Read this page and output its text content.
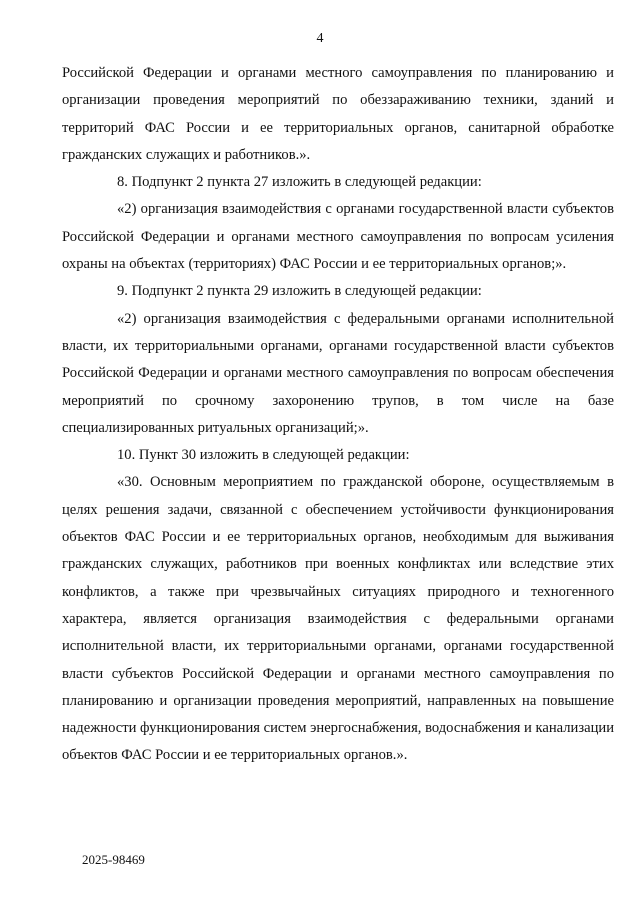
4

Российской Федерации и органами местного самоуправления по планированию и организации проведения мероприятий по обеззараживанию техники, зданий и территорий ФАС России и ее территориальных органов, санитарной обработке гражданских служащих и работников.».

8. Подпункт 2 пункта 27 изложить в следующей редакции:

«2) организация взаимодействия с органами государственной власти субъектов Российской Федерации и органами местного самоуправления по вопросам усиления охраны на объектах (территориях) ФАС России и ее территориальных органов;».

9. Подпункт 2 пункта 29 изложить в следующей редакции:

«2) организация взаимодействия с федеральными органами исполнительной власти, их территориальными органами, органами государственной власти субъектов Российской Федерации и органами местного самоуправления по вопросам обеспечения мероприятий по срочному захоронению трупов, в том числе на базе специализированных ритуальных организаций;».

10. Пункт 30 изложить в следующей редакции:

«30. Основным мероприятием по гражданской обороне, осуществляемым в целях решения задачи, связанной с обеспечением устойчивости функционирования объектов ФАС России и ее территориальных органов, необходимым для выживания гражданских служащих, работников при военных конфликтах или вследствие этих конфликтов, а также при чрезвычайных ситуациях природного и техногенного характера, является организация взаимодействия с федеральными органами исполнительной власти, их территориальными органами, органами государственной власти субъектов Российской Федерации и органами местного самоуправления по планированию и организации проведения мероприятий, направленных на повышение надежности функционирования систем энергоснабжения, водоснабжения и канализации объектов ФАС России и ее территориальных органов.».

2025-98469
